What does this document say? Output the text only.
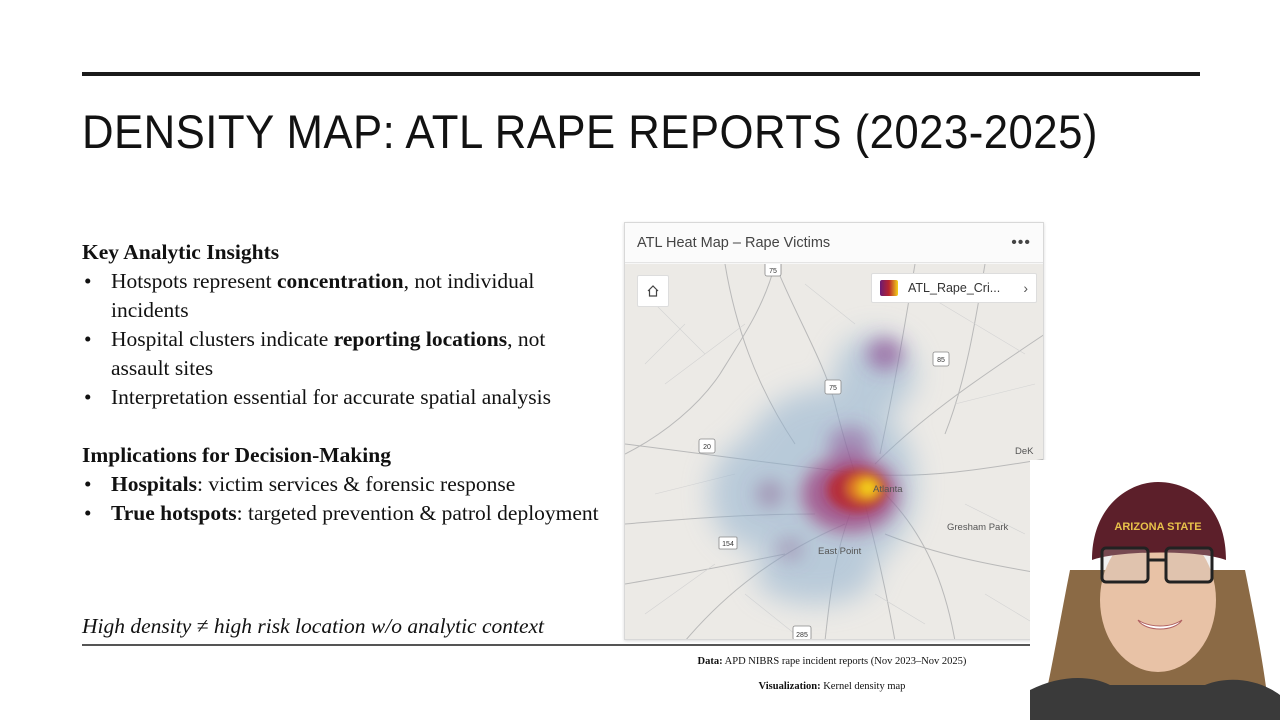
DENSITY MAP: ATL RAPE REPORTS (2023-2025)
Key Analytic Insights
• Hotspots represent concentration, not individual incidents
• Hospital clusters indicate reporting locations, not assault sites
• Interpretation essential for accurate spatial analysis
Implications for Decision-Making
• Hospitals: victim services & forensic response
• True hotspots: targeted prevention & patrol deployment
High density ≠ high risk location w/o analytic context
Data: APD NIBRS rape incident reports (Nov 2023–Nov 2025)
Visualization: Kernel density map
ATL Heat Map – Rape Victims	•••
75
75
85
20
154
285
Atlanta
East Point
Gresham Park
DeK
ATL_Rape_Cri... ›
ARIZONA STATE
